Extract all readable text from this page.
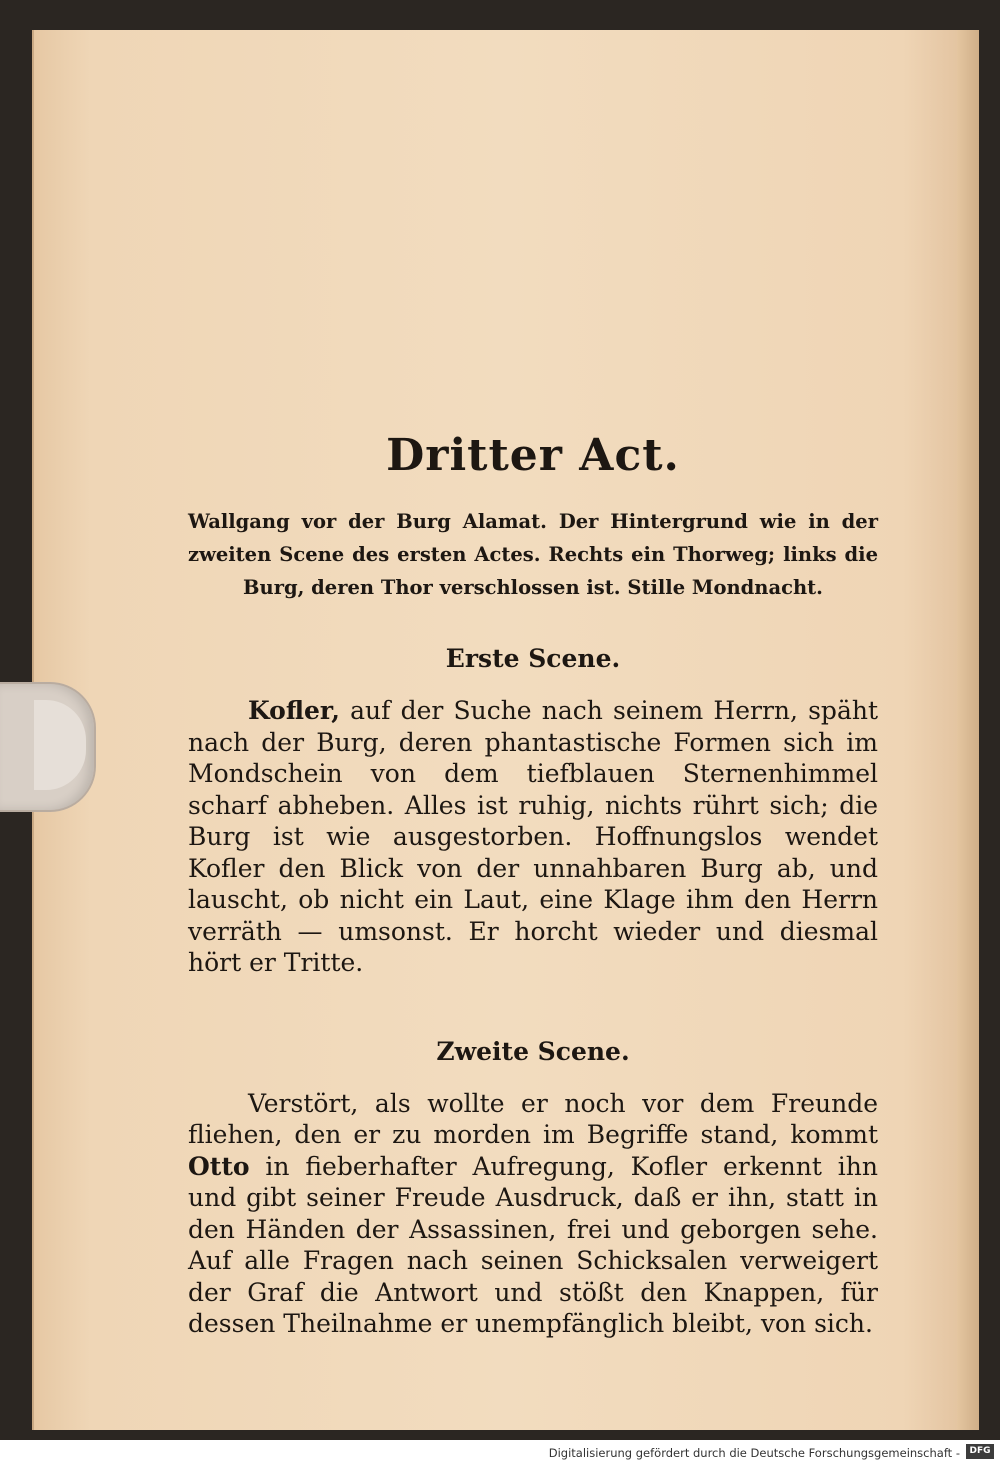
Dritter Act.

Wallgang vor der Burg Alamat. Der Hintergrund wie in der zweiten Scene des ersten Actes. Rechts ein Thorweg; links die Burg, deren Thor verschlossen ist. Stille Mondnacht.

Erste Scene.

Kofler, auf der Suche nach seinem Herrn, späht nach der Burg, deren phantastische Formen sich im Mondschein von dem tiefblauen Sternenhimmel scharf abheben. Alles ist ruhig, nichts rührt sich; die Burg ist wie ausgestorben. Hoffnungslos wendet Kofler den Blick von der unnahbaren Burg ab, und lauscht, ob nicht ein Laut, eine Klage ihm den Herrn verräth — umsonst. Er horcht wieder und diesmal hört er Tritte.

Zweite Scene.

Verstört, als wollte er noch vor dem Freunde fliehen, den er zu morden im Begriffe stand, kommt Otto in fieberhafter Aufregung, Kofler erkennt ihn und gibt seiner Freude Ausdruck, daß er ihn, statt in den Händen der Assassinen, frei und geborgen sehe. Auf alle Fragen nach seinen Schicksalen verweigert der Graf die Antwort und stößt den Knappen, für dessen Theilnahme er unempfänglich bleibt, von sich.

Digitalisierung gefördert durch die Deutsche Forschungsgemeinschaft -	DFG
